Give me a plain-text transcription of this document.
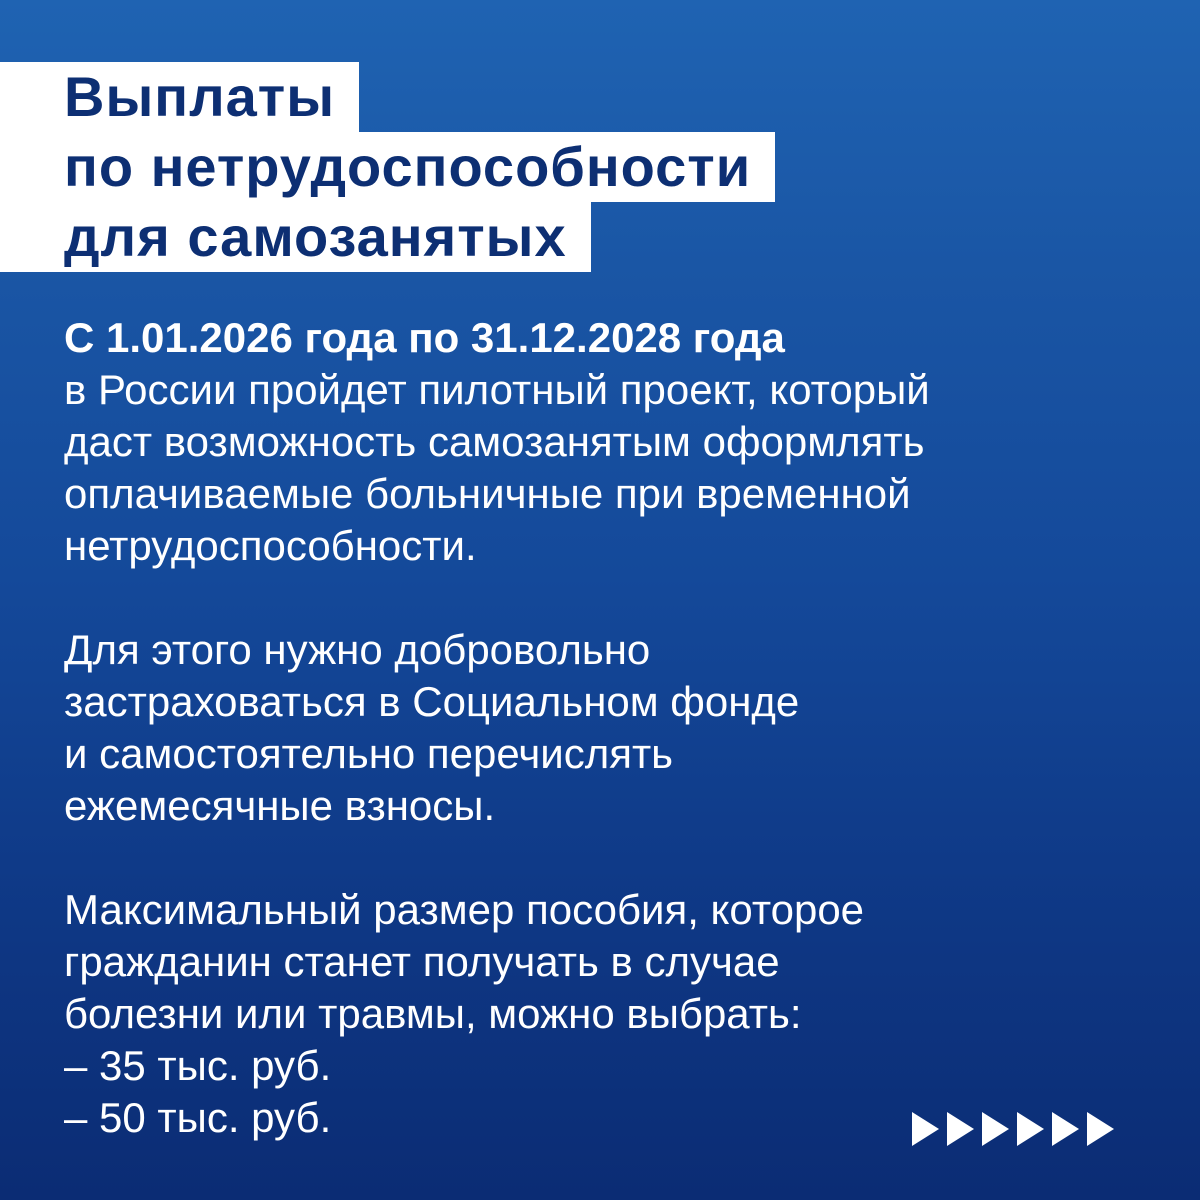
Выплаты
по нетрудоспособности
для самозанятых

С 1.01.2026 года по 31.12.2028 года
в России пройдет пилотный проект, который
даст возможность самозанятым оформлять
оплачиваемые больничные при временной
нетрудоспособности.

Для этого нужно добровольно
застраховаться в Социальном фонде
и самостоятельно перечислять
ежемесячные взносы.

Максимальный размер пособия, которое
гражданин станет получать в случае
болезни или травмы, можно выбрать:
– 35 тыс. руб.
– 50 тыс. руб.
